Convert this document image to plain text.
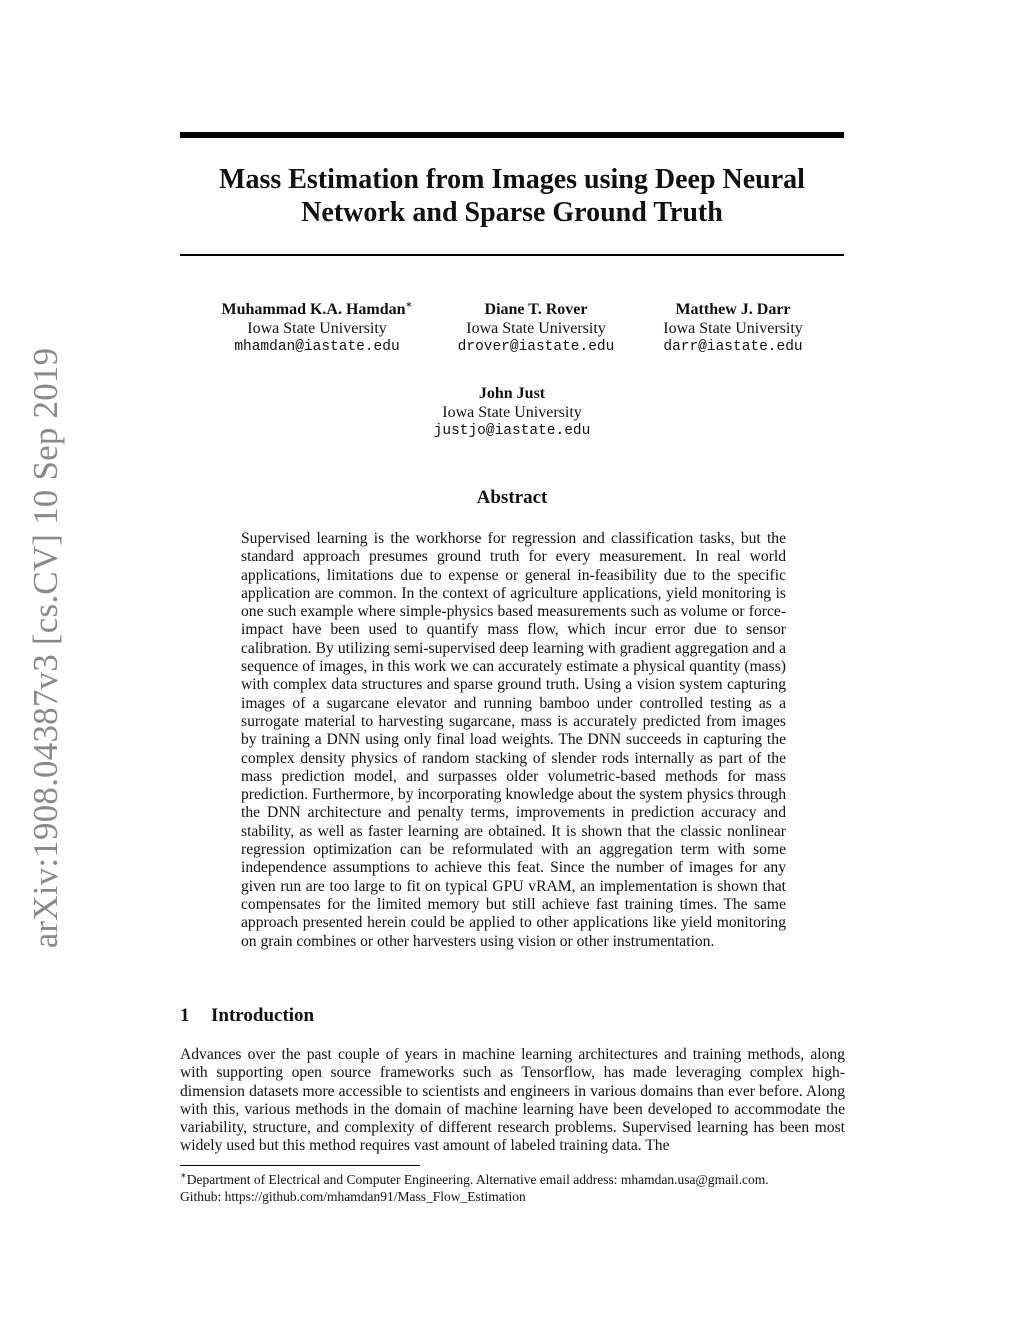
arXiv:1908.04387v3 [cs.CV] 10 Sep 2019
Mass Estimation from Images using Deep Neural Network and Sparse Ground Truth
Muhammad K.A. Hamdan∗
Iowa State University
mhamdan@iastate.edu
Diane T. Rover
Iowa State University
drover@iastate.edu
Matthew J. Darr
Iowa State University
darr@iastate.edu
John Just
Iowa State University
justjo@iastate.edu
Abstract
Supervised learning is the workhorse for regression and classification tasks, but the standard approach presumes ground truth for every measurement. In real world applications, limitations due to expense or general in-feasibility due to the specific application are common. In the context of agriculture applications, yield monitoring is one such example where simple-physics based measurements such as volume or force-impact have been used to quantify mass flow, which incur error due to sensor calibration. By utilizing semi-supervised deep learning with gradient aggregation and a sequence of images, in this work we can accurately estimate a physical quantity (mass) with complex data structures and sparse ground truth. Using a vision system capturing images of a sugarcane elevator and running bamboo under controlled testing as a surrogate material to harvesting sugarcane, mass is accurately predicted from images by training a DNN using only final load weights. The DNN succeeds in capturing the complex density physics of random stacking of slender rods internally as part of the mass prediction model, and surpasses older volumetric-based methods for mass prediction. Furthermore, by incorporating knowledge about the system physics through the DNN architecture and penalty terms, improvements in prediction accuracy and stability, as well as faster learning are obtained. It is shown that the classic nonlinear regression optimization can be reformulated with an aggregation term with some independence assumptions to achieve this feat. Since the number of images for any given run are too large to fit on typical GPU vRAM, an implementation is shown that compensates for the limited memory but still achieve fast training times. The same approach presented herein could be applied to other applications like yield monitoring on grain combines or other harvesters using vision or other instrumentation.
1 Introduction
Advances over the past couple of years in machine learning architectures and training methods, along with supporting open source frameworks such as Tensorflow, has made leveraging complex high-dimension datasets more accessible to scientists and engineers in various domains than ever before. Along with this, various methods in the domain of machine learning have been developed to accommodate the variability, structure, and complexity of different research problems. Supervised learning has been most widely used but this method requires vast amount of labeled training data. The
∗Department of Electrical and Computer Engineering. Alternative email address: mhamdan.usa@gmail.com.
Github: https://github.com/mhamdan91/Mass_Flow_Estimation
